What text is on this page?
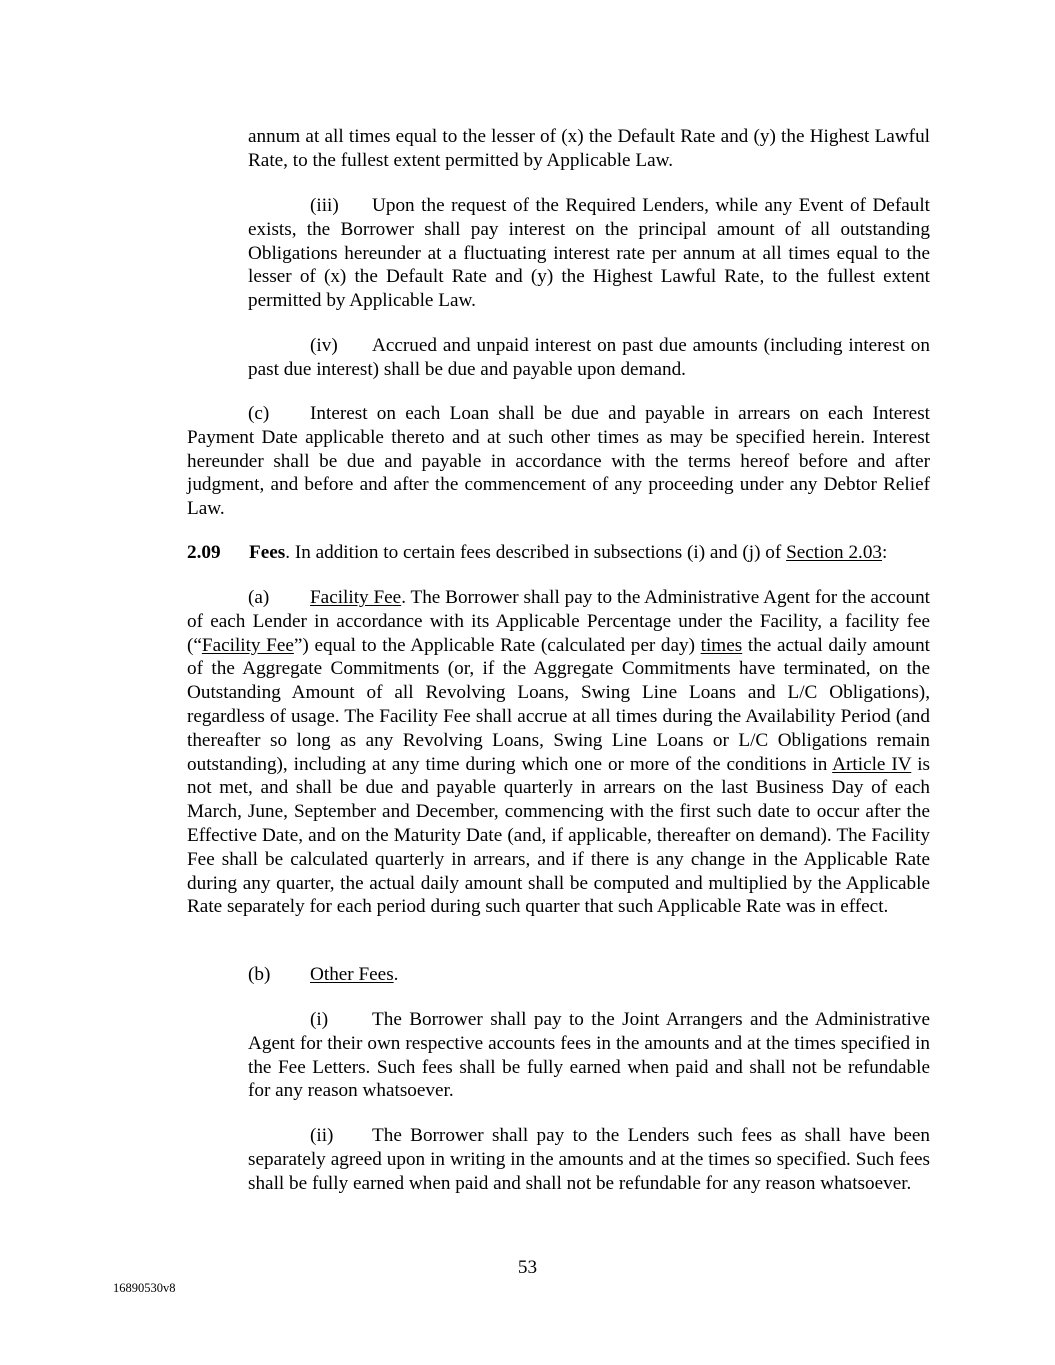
annum at all times equal to the lesser of (x) the Default Rate and (y) the Highest Lawful Rate, to the fullest extent permitted by Applicable Law.

(iii) Upon the request of the Required Lenders, while any Event of Default exists, the Borrower shall pay interest on the principal amount of all outstanding Obligations hereunder at a fluctuating interest rate per annum at all times equal to the lesser of (x) the Default Rate and (y) the Highest Lawful Rate, to the fullest extent permitted by Applicable Law.

(iv) Accrued and unpaid interest on past due amounts (including interest on past due interest) shall be due and payable upon demand.

(c) Interest on each Loan shall be due and payable in arrears on each Interest Payment Date applicable thereto and at such other times as may be specified herein. Interest hereunder shall be due and payable in accordance with the terms hereof before and after judgment, and before and after the commencement of any proceeding under any Debtor Relief Law.

2.09 Fees. In addition to certain fees described in subsections (i) and (j) of Section 2.03:

(a) Facility Fee. The Borrower shall pay to the Administrative Agent for the account of each Lender in accordance with its Applicable Percentage under the Facility, a facility fee (“Facility Fee”) equal to the Applicable Rate (calculated per day) times the actual daily amount of the Aggregate Commitments (or, if the Aggregate Commitments have terminated, on the Outstanding Amount of all Revolving Loans, Swing Line Loans and L/C Obligations), regardless of usage. The Facility Fee shall accrue at all times during the Availability Period (and thereafter so long as any Revolving Loans, Swing Line Loans or L/C Obligations remain outstanding), including at any time during which one or more of the conditions in Article IV is not met, and shall be due and payable quarterly in arrears on the last Business Day of each March, June, September and December, commencing with the first such date to occur after the Effective Date, and on the Maturity Date (and, if applicable, thereafter on demand). The Facility Fee shall be calculated quarterly in arrears, and if there is any change in the Applicable Rate during any quarter, the actual daily amount shall be computed and multiplied by the Applicable Rate separately for each period during such quarter that such Applicable Rate was in effect.

(b) Other Fees.

(i) The Borrower shall pay to the Joint Arrangers and the Administrative Agent for their own respective accounts fees in the amounts and at the times specified in the Fee Letters. Such fees shall be fully earned when paid and shall not be refundable for any reason whatsoever.

(ii) The Borrower shall pay to the Lenders such fees as shall have been separately agreed upon in writing in the amounts and at the times so specified. Such fees shall be fully earned when paid and shall not be refundable for any reason whatsoever.

53
16890530v8
